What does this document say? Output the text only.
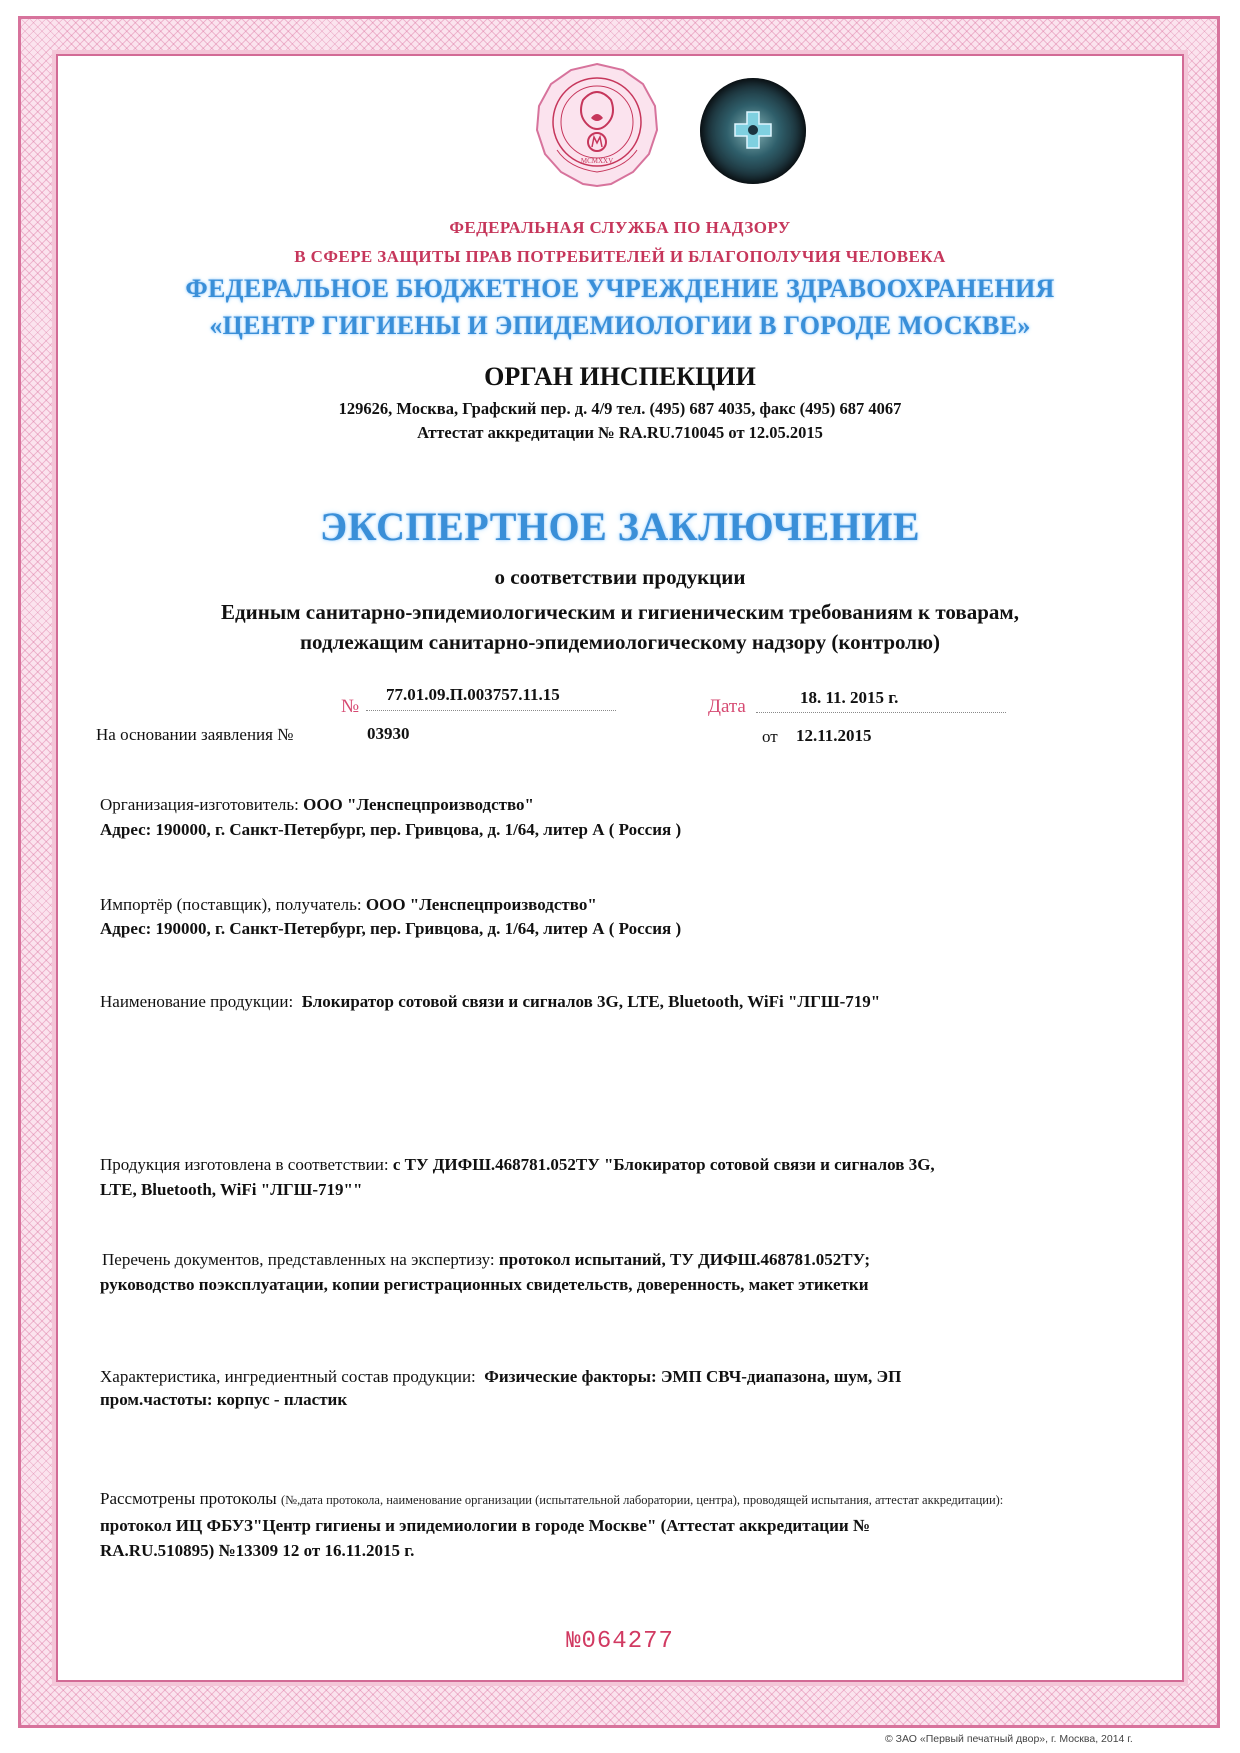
MCMXXV
ФЕДЕРАЛЬНАЯ СЛУЖБА ПО НАДЗОРУ
В СФЕРЕ ЗАЩИТЫ ПРАВ ПОТРЕБИТЕЛЕЙ И БЛАГОПОЛУЧИЯ ЧЕЛОВЕКА
ФЕДЕРАЛЬНОЕ БЮДЖЕТНОЕ УЧРЕЖДЕНИЕ ЗДРАВООХРАНЕНИЯ
«ЦЕНТР ГИГИЕНЫ И ЭПИДЕМИОЛОГИИ В ГОРОДЕ МОСКВЕ»
ОРГАН ИНСПЕКЦИИ
129626, Москва, Графский пер. д. 4/9 тел. (495) 687 4035, факс (495) 687 4067
Аттестат аккредитации № RA.RU.710045 от 12.05.2015
ЭКСПЕРТНОЕ ЗАКЛЮЧЕНИЕ
о соответствии продукции
Единым санитарно-эпидемиологическим и гигиеническим требованиям к товарам,
подлежащим санитарно-эпидемиологическому надзору (контролю)
№
77.01.09.П.003757.11.15
Дата	18. 11. 2015 г.
На основании заявления №	03930	от 12.11.2015
Организация-изготовитель: ООО "Ленспецпроизводство"
Адрес: 190000, г. Санкт-Петербург, пер. Гривцова, д. 1/64, литер А ( Россия )
Импортёр (поставщик), получатель: ООО "Ленспецпроизводство"
Адрес: 190000, г. Санкт-Петербург, пер. Гривцова, д. 1/64, литер А ( Россия )
Наименование продукции: Блокиратор сотовой связи и сигналов 3G, LTE, Bluetooth, WiFi "ЛГШ-719"
Продукция изготовлена в соответствии: с ТУ ДИФШ.468781.052ТУ "Блокиратор сотовой связи и сигналов 3G,
LTE, Bluetooth, WiFi "ЛГШ-719""
Перечень документов, представленных на экспертизу: протокол испытаний, ТУ ДИФШ.468781.052ТУ;
руководство поэксплуатации, копии регистрационных свидетельств, доверенность, макет этикетки
Характеристика, ингредиентный состав продукции: Физические факторы: ЭМП СВЧ-диапазона, шум, ЭП
пром.частоты: корпус - пластик
Рассмотрены протоколы (№,дата протокола, наименование организации (испытательной лаборатории, центра), проводящей испытания, аттестат аккредитации):
протокол ИЦ ФБУЗ"Центр гигиены и эпидемиологии в городе Москве" (Аттестат аккредитации №
RA.RU.510895) №13309 12 от 16.11.2015 г.
№064277
© ЗАО «Первый печатный двор», г. Москва, 2014 г.
